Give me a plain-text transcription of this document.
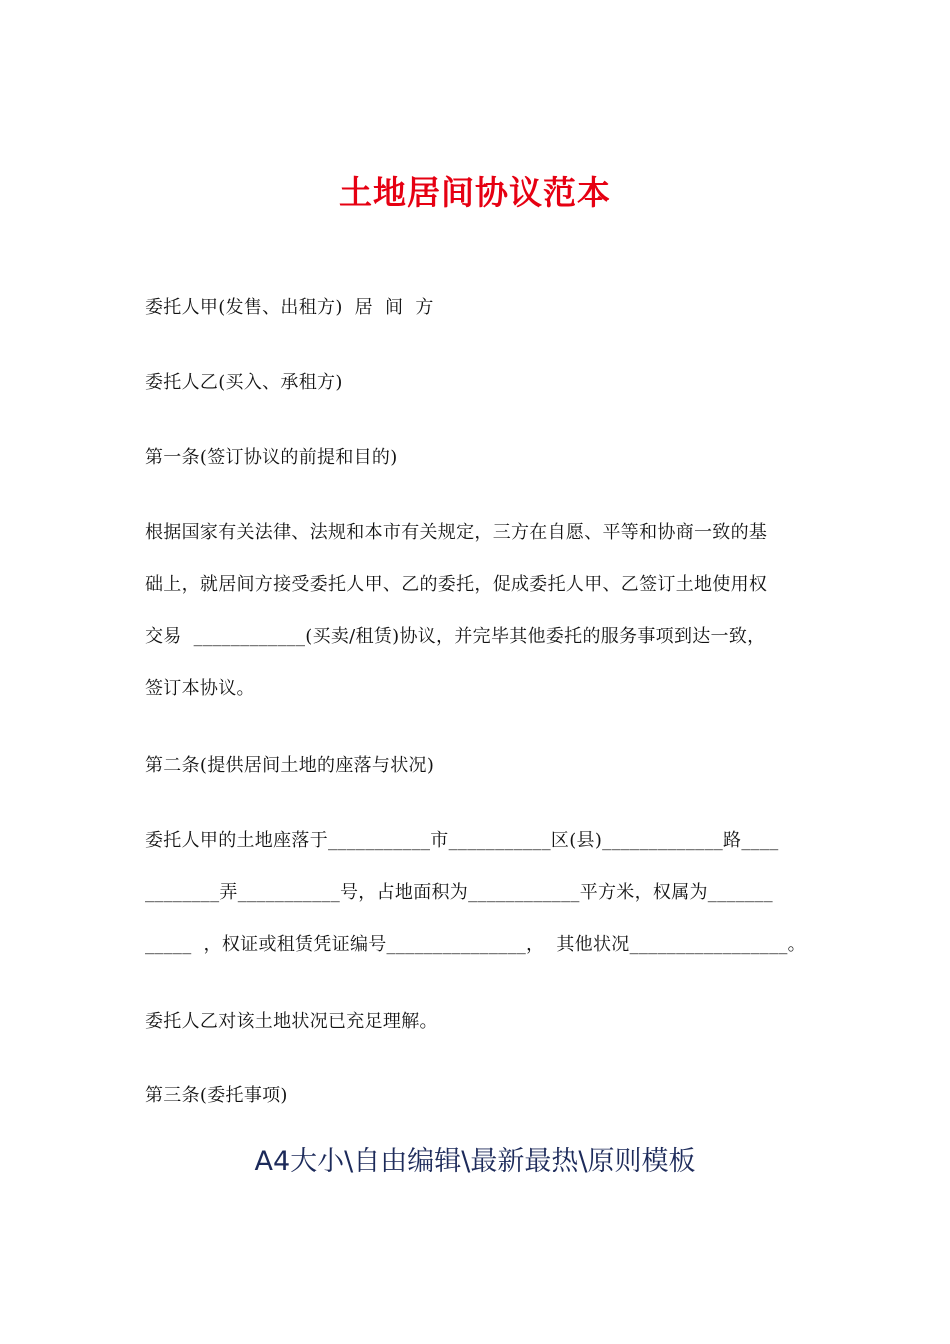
土地居间协议范本
委托人甲(发售、出租方)  居  间  方
委托人乙(买入、承租方)
第一条(签订协议的前提和目的)
根据国家有关法律、法规和本市有关规定，三方在自愿、平等和协商一致的基
础上，就居间方接受委托人甲、乙的委托，促成委托人甲、乙签订土地使用权
交易  ____________(买卖/租赁)协议，并完毕其他委托的服务事项到达一致，
签订本协议。
第二条(提供居间土地的座落与状况)
委托人甲的土地座落于___________市___________区(县)_____________路____
________弄___________号，占地面积为____________平方米，权属为_______
_____  ，权证或租赁凭证编号_______________，  其他状况_________________。
委托人乙对该土地状况已充足理解。
第三条(委托事项)
A4大小\自由编辑\最新最热\原则模板
